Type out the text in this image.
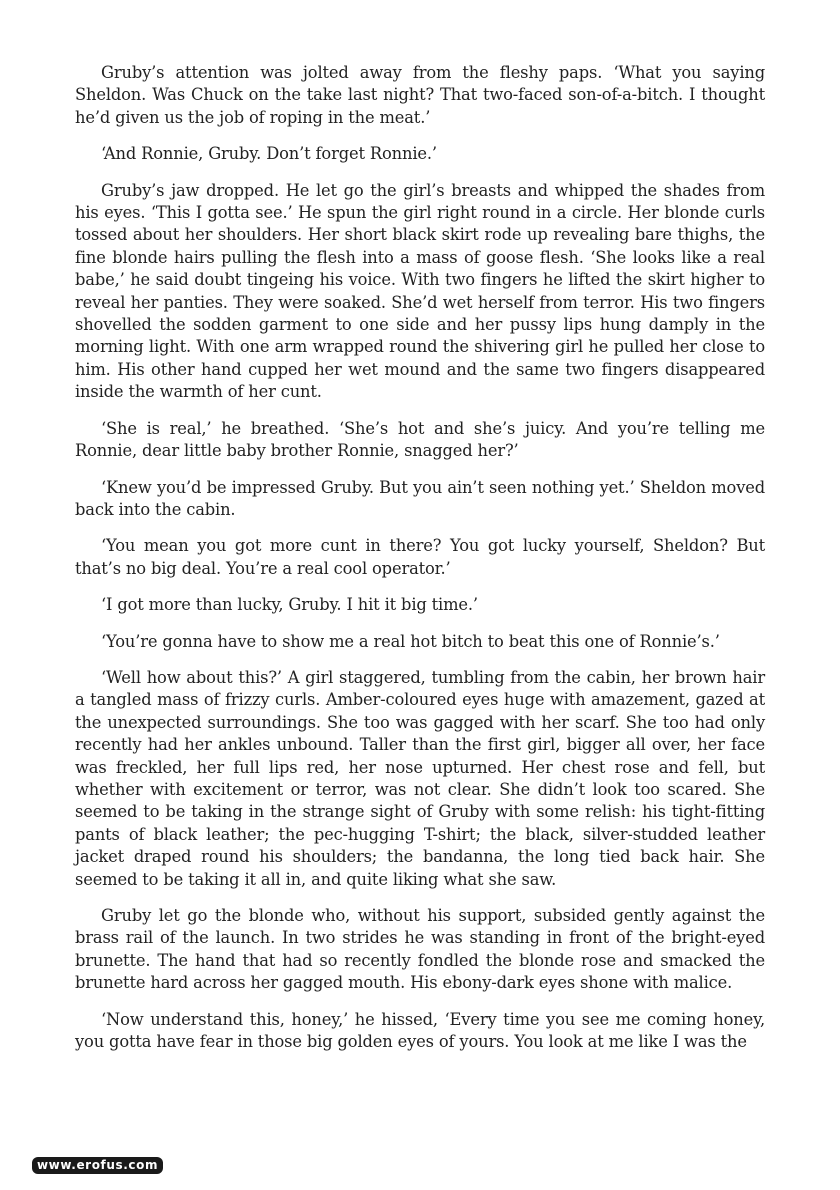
Gruby’s attention was jolted away from the fleshy paps. ‘What you saying Sheldon. Was Chuck on the take last night? That two-faced son-of-a-bitch. I thought he’d given us the job of roping in the meat.’

‘And Ronnie, Gruby. Don’t forget Ronnie.’

Gruby’s jaw dropped. He let go the girl’s breasts and whipped the shades from his eyes. ‘This I gotta see.’ He spun the girl right round in a circle. Her blonde curls tossed about her shoulders. Her short black skirt rode up revealing bare thighs, the fine blonde hairs pulling the flesh into a mass of goose flesh. ‘She looks like a real babe,’ he said doubt tingeing his voice. With two fingers he lifted the skirt higher to reveal her panties. They were soaked. She’d wet herself from terror. His two fingers shovelled the sodden garment to one side and her pussy lips hung damply in the morning light. With one arm wrapped round the shivering girl he pulled her close to him. His other hand cupped her wet mound and the same two fingers disappeared inside the warmth of her cunt.

‘She is real,’ he breathed. ‘She’s hot and she’s juicy. And you’re telling me Ronnie, dear little baby brother Ronnie, snagged her?’

‘Knew you’d be impressed Gruby. But you ain’t seen nothing yet.’ Sheldon moved back into the cabin.

‘You mean you got more cunt in there? You got lucky yourself, Sheldon? But that’s no big deal. You’re a real cool operator.’

‘I got more than lucky, Gruby. I hit it big time.’

‘You’re gonna have to show me a real hot bitch to beat this one of Ronnie’s.’

‘Well how about this?’ A girl staggered, tumbling from the cabin, her brown hair a tangled mass of frizzy curls. Amber-coloured eyes huge with amazement, gazed at the unexpected surroundings. She too was gagged with her scarf. She too had only recently had her ankles unbound. Taller than the first girl, bigger all over, her face was freckled, her full lips red, her nose upturned. Her chest rose and fell, but whether with excitement or terror, was not clear. She didn’t look too scared. She seemed to be taking in the strange sight of Gruby with some relish: his tight-fitting pants of black leather; the pec-hugging T-shirt; the black, silver-studded leather jacket draped round his shoulders; the bandanna, the long tied back hair. She seemed to be taking it all in, and quite liking what she saw.

Gruby let go the blonde who, without his support, subsided gently against the brass rail of the launch. In two strides he was standing in front of the bright-eyed brunette. The hand that had so recently fondled the blonde rose and smacked the brunette hard across her gagged mouth. His ebony-dark eyes shone with malice.

‘Now understand this, honey,’ he hissed, ‘Every time you see me coming honey, you gotta have fear in those big golden eyes of yours. You look at me like I was the

www.erofus.com
